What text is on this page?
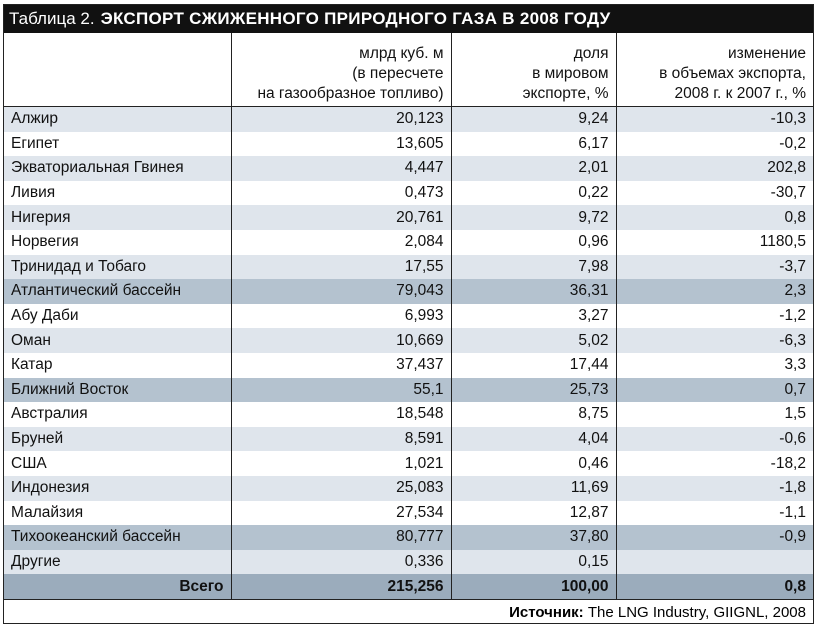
Таблица 2. ЭКСПОРТ СЖИЖЕННОГО ПРИРОДНОГО ГАЗА В 2008 ГОДУ
	млрд куб. м
(в пересчете
на газообразное топливо)	доля
в мировом
экспорте, %	изменение
в объемах экспорта,
2008 г. к 2007 г., %
Алжир	20,123	9,24	-10,3
Египет	13,605	6,17	-0,2
Экваториальная Гвинея	4,447	2,01	202,8
Ливия	0,473	0,22	-30,7
Нигерия	20,761	9,72	0,8
Норвегия	2,084	0,96	1180,5
Тринидад и Тобаго	17,55	7,98	-3,7
Атлантический бассейн	79,043	36,31	2,3
Абу Даби	6,993	3,27	-1,2
Оман	10,669	5,02	-6,3
Катар	37,437	17,44	3,3
Ближний Восток	55,1	25,73	0,7
Австралия	18,548	8,75	1,5
Бруней	8,591	4,04	-0,6
США	1,021	0,46	-18,2
Индонезия	25,083	11,69	-1,8
Малайзия	27,534	12,87	-1,1
Тихоокеанский бассейн	80,777	37,80	-0,9
Другие	0,336	0,15	
Всего	215,256	100,00	0,8
Источник: The LNG Industry, GIIGNL, 2008
